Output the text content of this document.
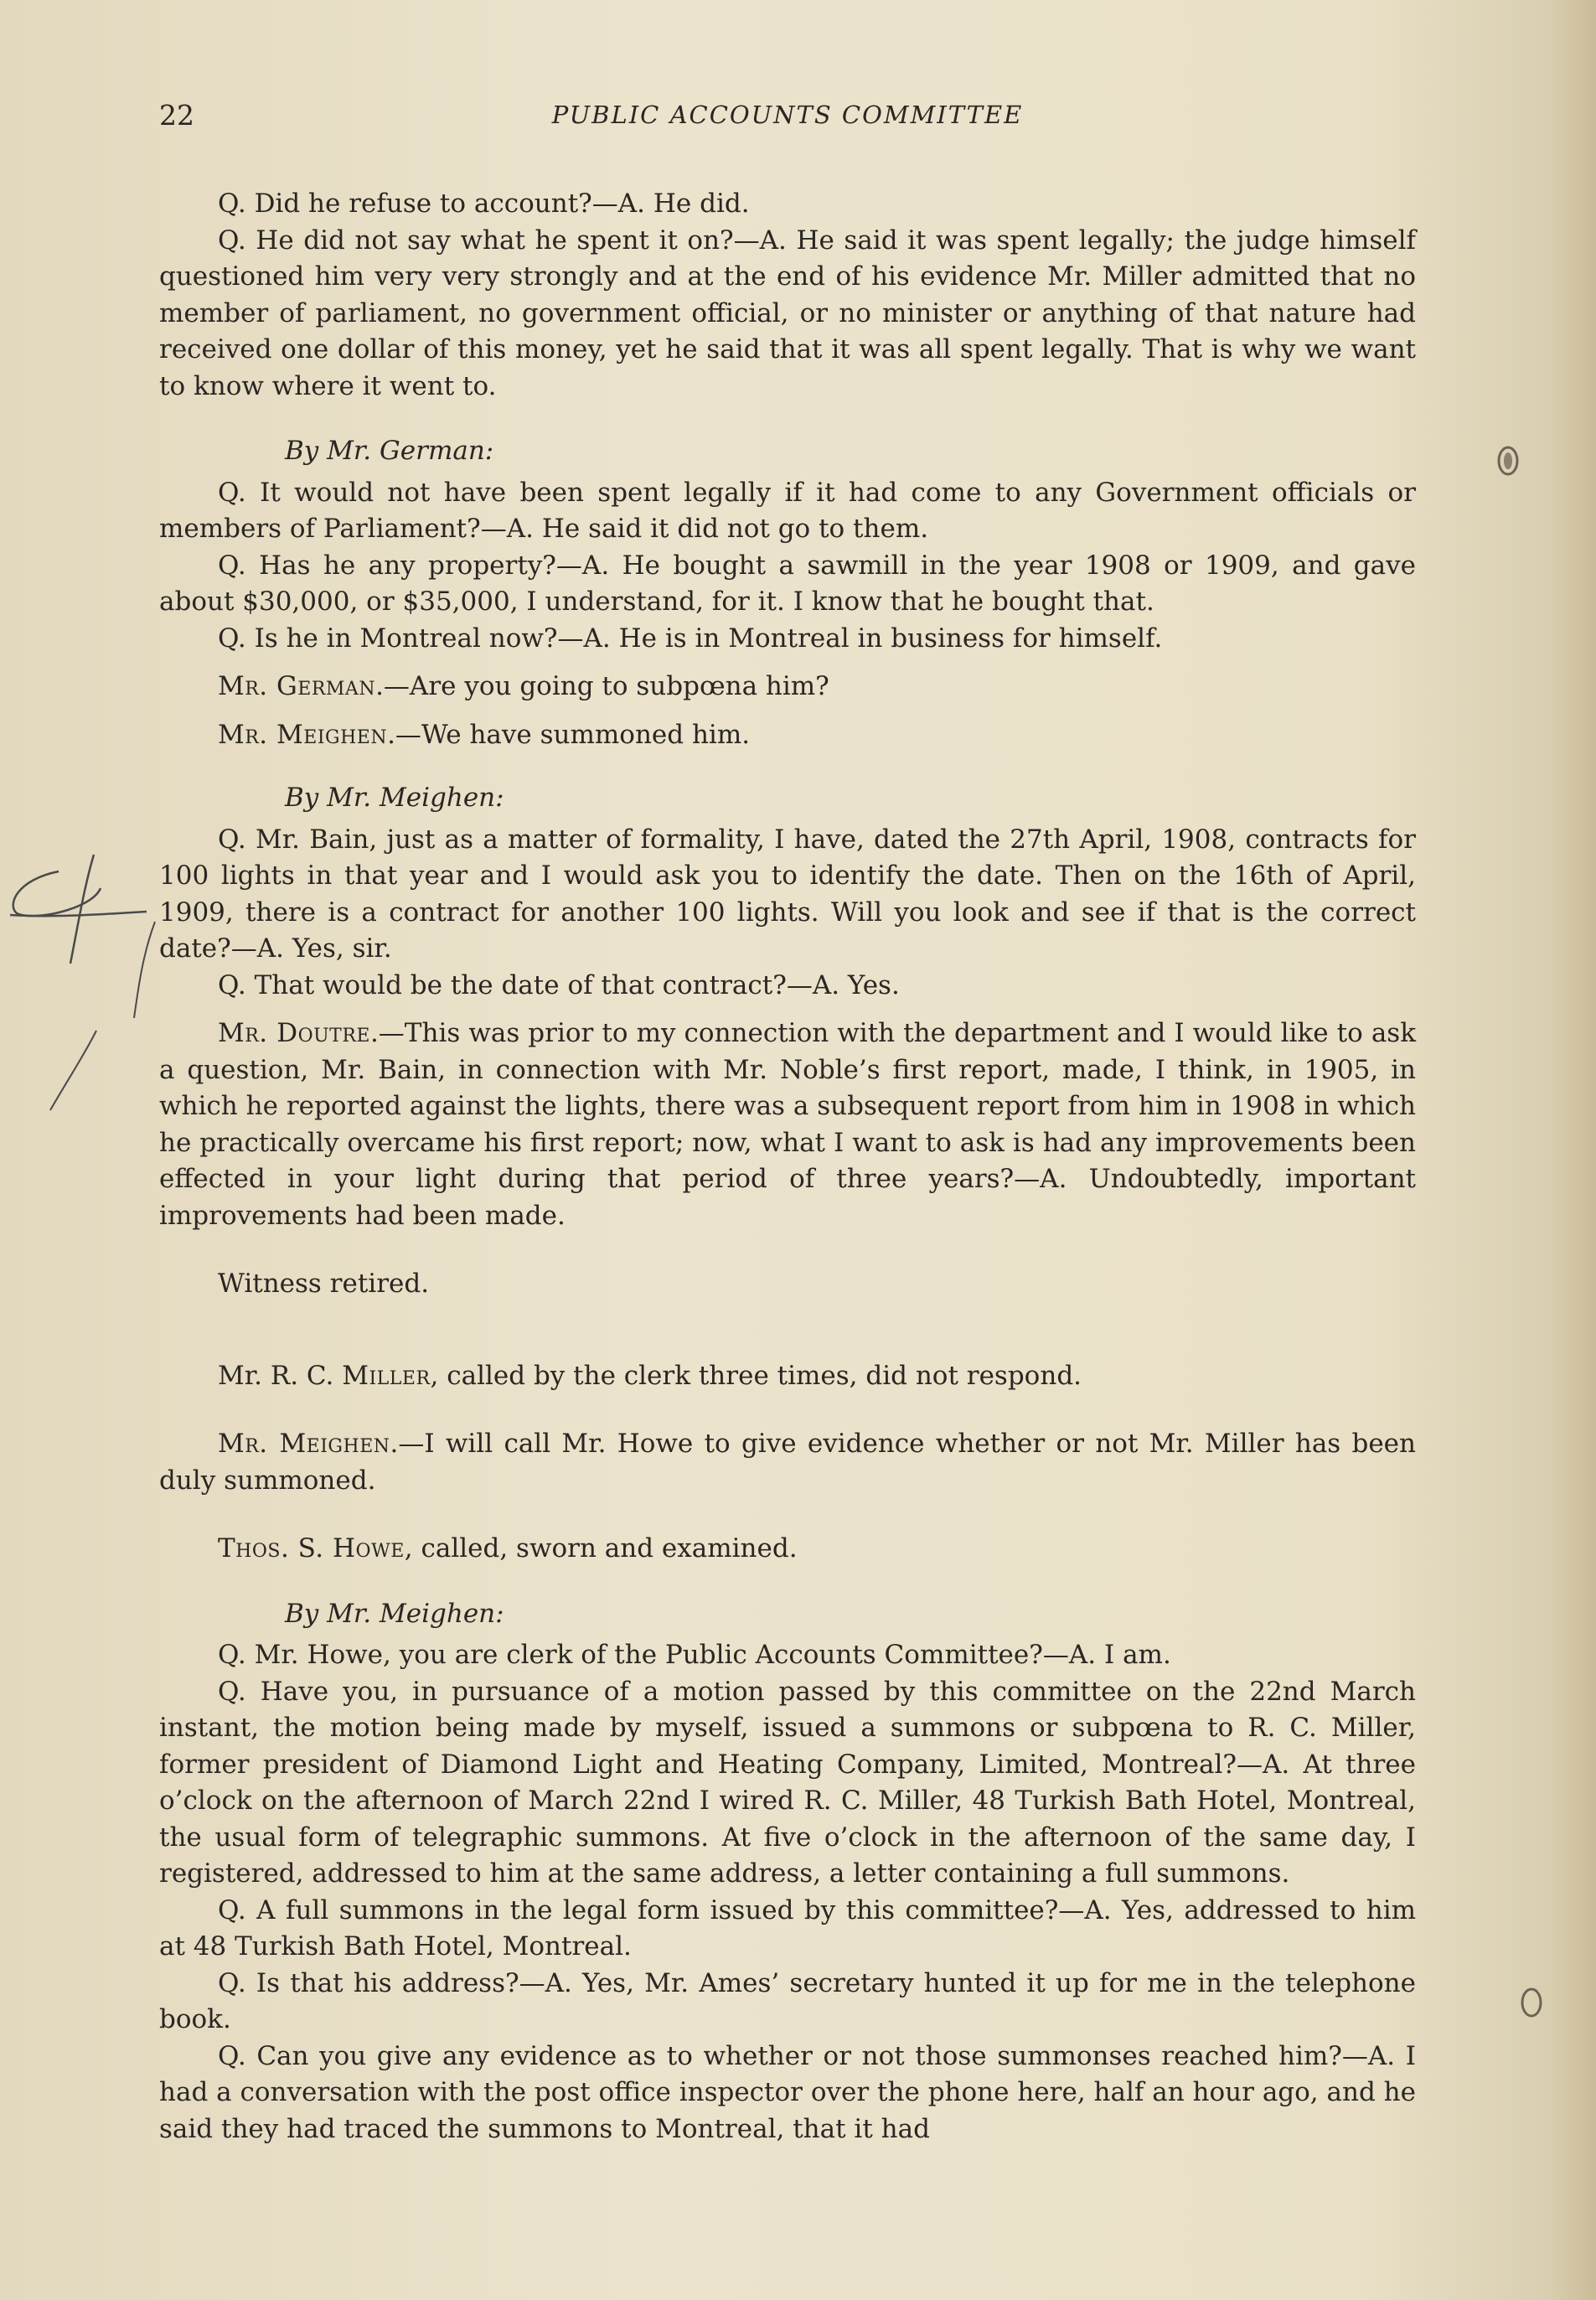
22	PUBLIC ACCOUNTS COMMITTEE

Q. Did he refuse to account?—A. He did.

Q. He did not say what he spent it on?—A. He said it was spent legally; the judge himself questioned him very very strongly and at the end of his evidence Mr. Miller admitted that no member of parliament, no government official, or no minister or anything of that nature had received one dollar of this money, yet he said that it was all spent legally. That is why we want to know where it went to.

By Mr. German:

Q. It would not have been spent legally if it had come to any Government officials or members of Parliament?—A. He said it did not go to them.

Q. Has he any property?—A. He bought a sawmill in the year 1908 or 1909, and gave about $30,000, or $35,000, I understand, for it. I know that he bought that.

Q. Is he in Montreal now?—A. He is in Montreal in business for himself.

Mr. German.—Are you going to subpœna him?

Mr. Meighen.—We have summoned him.

By Mr. Meighen:

Q. Mr. Bain, just as a matter of formality, I have, dated the 27th April, 1908, contracts for 100 lights in that year and I would ask you to identify the date. Then on the 16th of April, 1909, there is a contract for another 100 lights. Will you look and see if that is the correct date?—A. Yes, sir.

Q. That would be the date of that contract?—A. Yes.

Mr. Doutre.—This was prior to my connection with the department and I would like to ask a question, Mr. Bain, in connection with Mr. Noble’s first report, made, I think, in 1905, in which he reported against the lights, there was a subsequent report from him in 1908 in which he practically overcame his first report; now, what I want to ask is had any improvements been effected in your light during that period of three years?—A. Undoubtedly, important improvements had been made.

Witness retired.

Mr. R. C. Miller, called by the clerk three times, did not respond.

Mr. Meighen.—I will call Mr. Howe to give evidence whether or not Mr. Miller has been duly summoned.

Thos. S. Howe, called, sworn and examined.

By Mr. Meighen:

Q. Mr. Howe, you are clerk of the Public Accounts Committee?—A. I am.

Q. Have you, in pursuance of a motion passed by this committee on the 22nd March instant, the motion being made by myself, issued a summons or subpœna to R. C. Miller, former president of Diamond Light and Heating Company, Limited, Montreal?—A. At three o’clock on the afternoon of March 22nd I wired R. C. Miller, 48 Turkish Bath Hotel, Montreal, the usual form of telegraphic summons. At five o’clock in the afternoon of the same day, I registered, addressed to him at the same address, a letter containing a full summons.

Q. A full summons in the legal form issued by this committee?—A. Yes, addressed to him at 48 Turkish Bath Hotel, Montreal.

Q. Is that his address?—A. Yes, Mr. Ames’ secretary hunted it up for me in the telephone book.

Q. Can you give any evidence as to whether or not those summonses reached him?—A. I had a conversation with the post office inspector over the phone here, half an hour ago, and he said they had traced the summons to Montreal, that it had
